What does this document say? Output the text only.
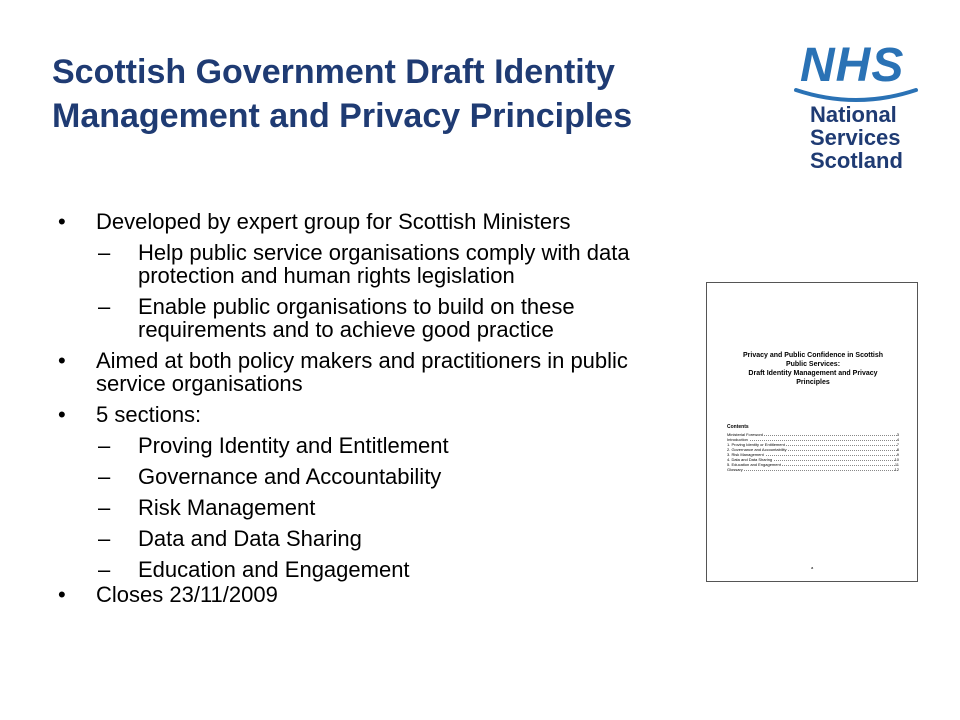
Scottish Government Draft Identity
Management and Privacy Principles
NHS
National
Services
Scotland
• Developed by expert group for Scottish Ministers
– Help public service organisations comply with data protection and human rights legislation
– Enable public organisations to build on these requirements and to achieve good practice
• Aimed at both policy makers and practitioners in public service organisations
• 5 sections:
– Proving Identity and Entitlement
– Governance and Accountability
– Risk Management
– Data and Data Sharing
– Education and Engagement
• Closes 23/11/2009
Privacy and Public Confidence in Scottish
Public Services:
Draft Identity Management and Privacy
Principles
Contents
Ministerial Foreword	3
Introduction	4
1. Proving Identity or Entitlement	7
2. Governance and Accountability	8
3. Risk Management	9
4. Data and Data Sharing	10
5. Education and Engagement	11
Glossary	12
a
